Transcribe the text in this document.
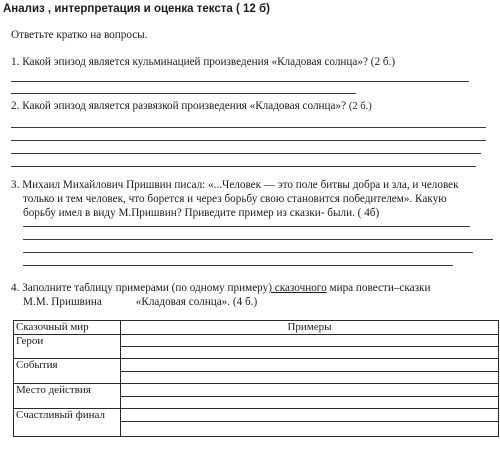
Анализ , интерпретация и оценка текста ( 12 б)
Ответьте кратко на вопросы.
1. Какой эпизод является кульминацией произведения «Кладовая солнца»? (2 б.)
2. Какой эпизод является развязкой произведения «Кладовая солнца»? (2 б.)
3. Михаил Михайлович Пришвин писал: «...Человек — это поле битвы добра и зла, и человек
только и тем человек, что борется и через борьбу свою становится победителем». Какую
борьбу имел в виду М.Пришвин? Приведите пример из сказки- были. ( 4б)
4. Заполните таблицу примерами (по одному примеру) сказочного мира повести–сказки
М.М. Пришвина	«Кладовая солнца». (4 б.)
Сказочный мир	Примеры
Герои	

События	

Место действия	

Счастливый финал	
